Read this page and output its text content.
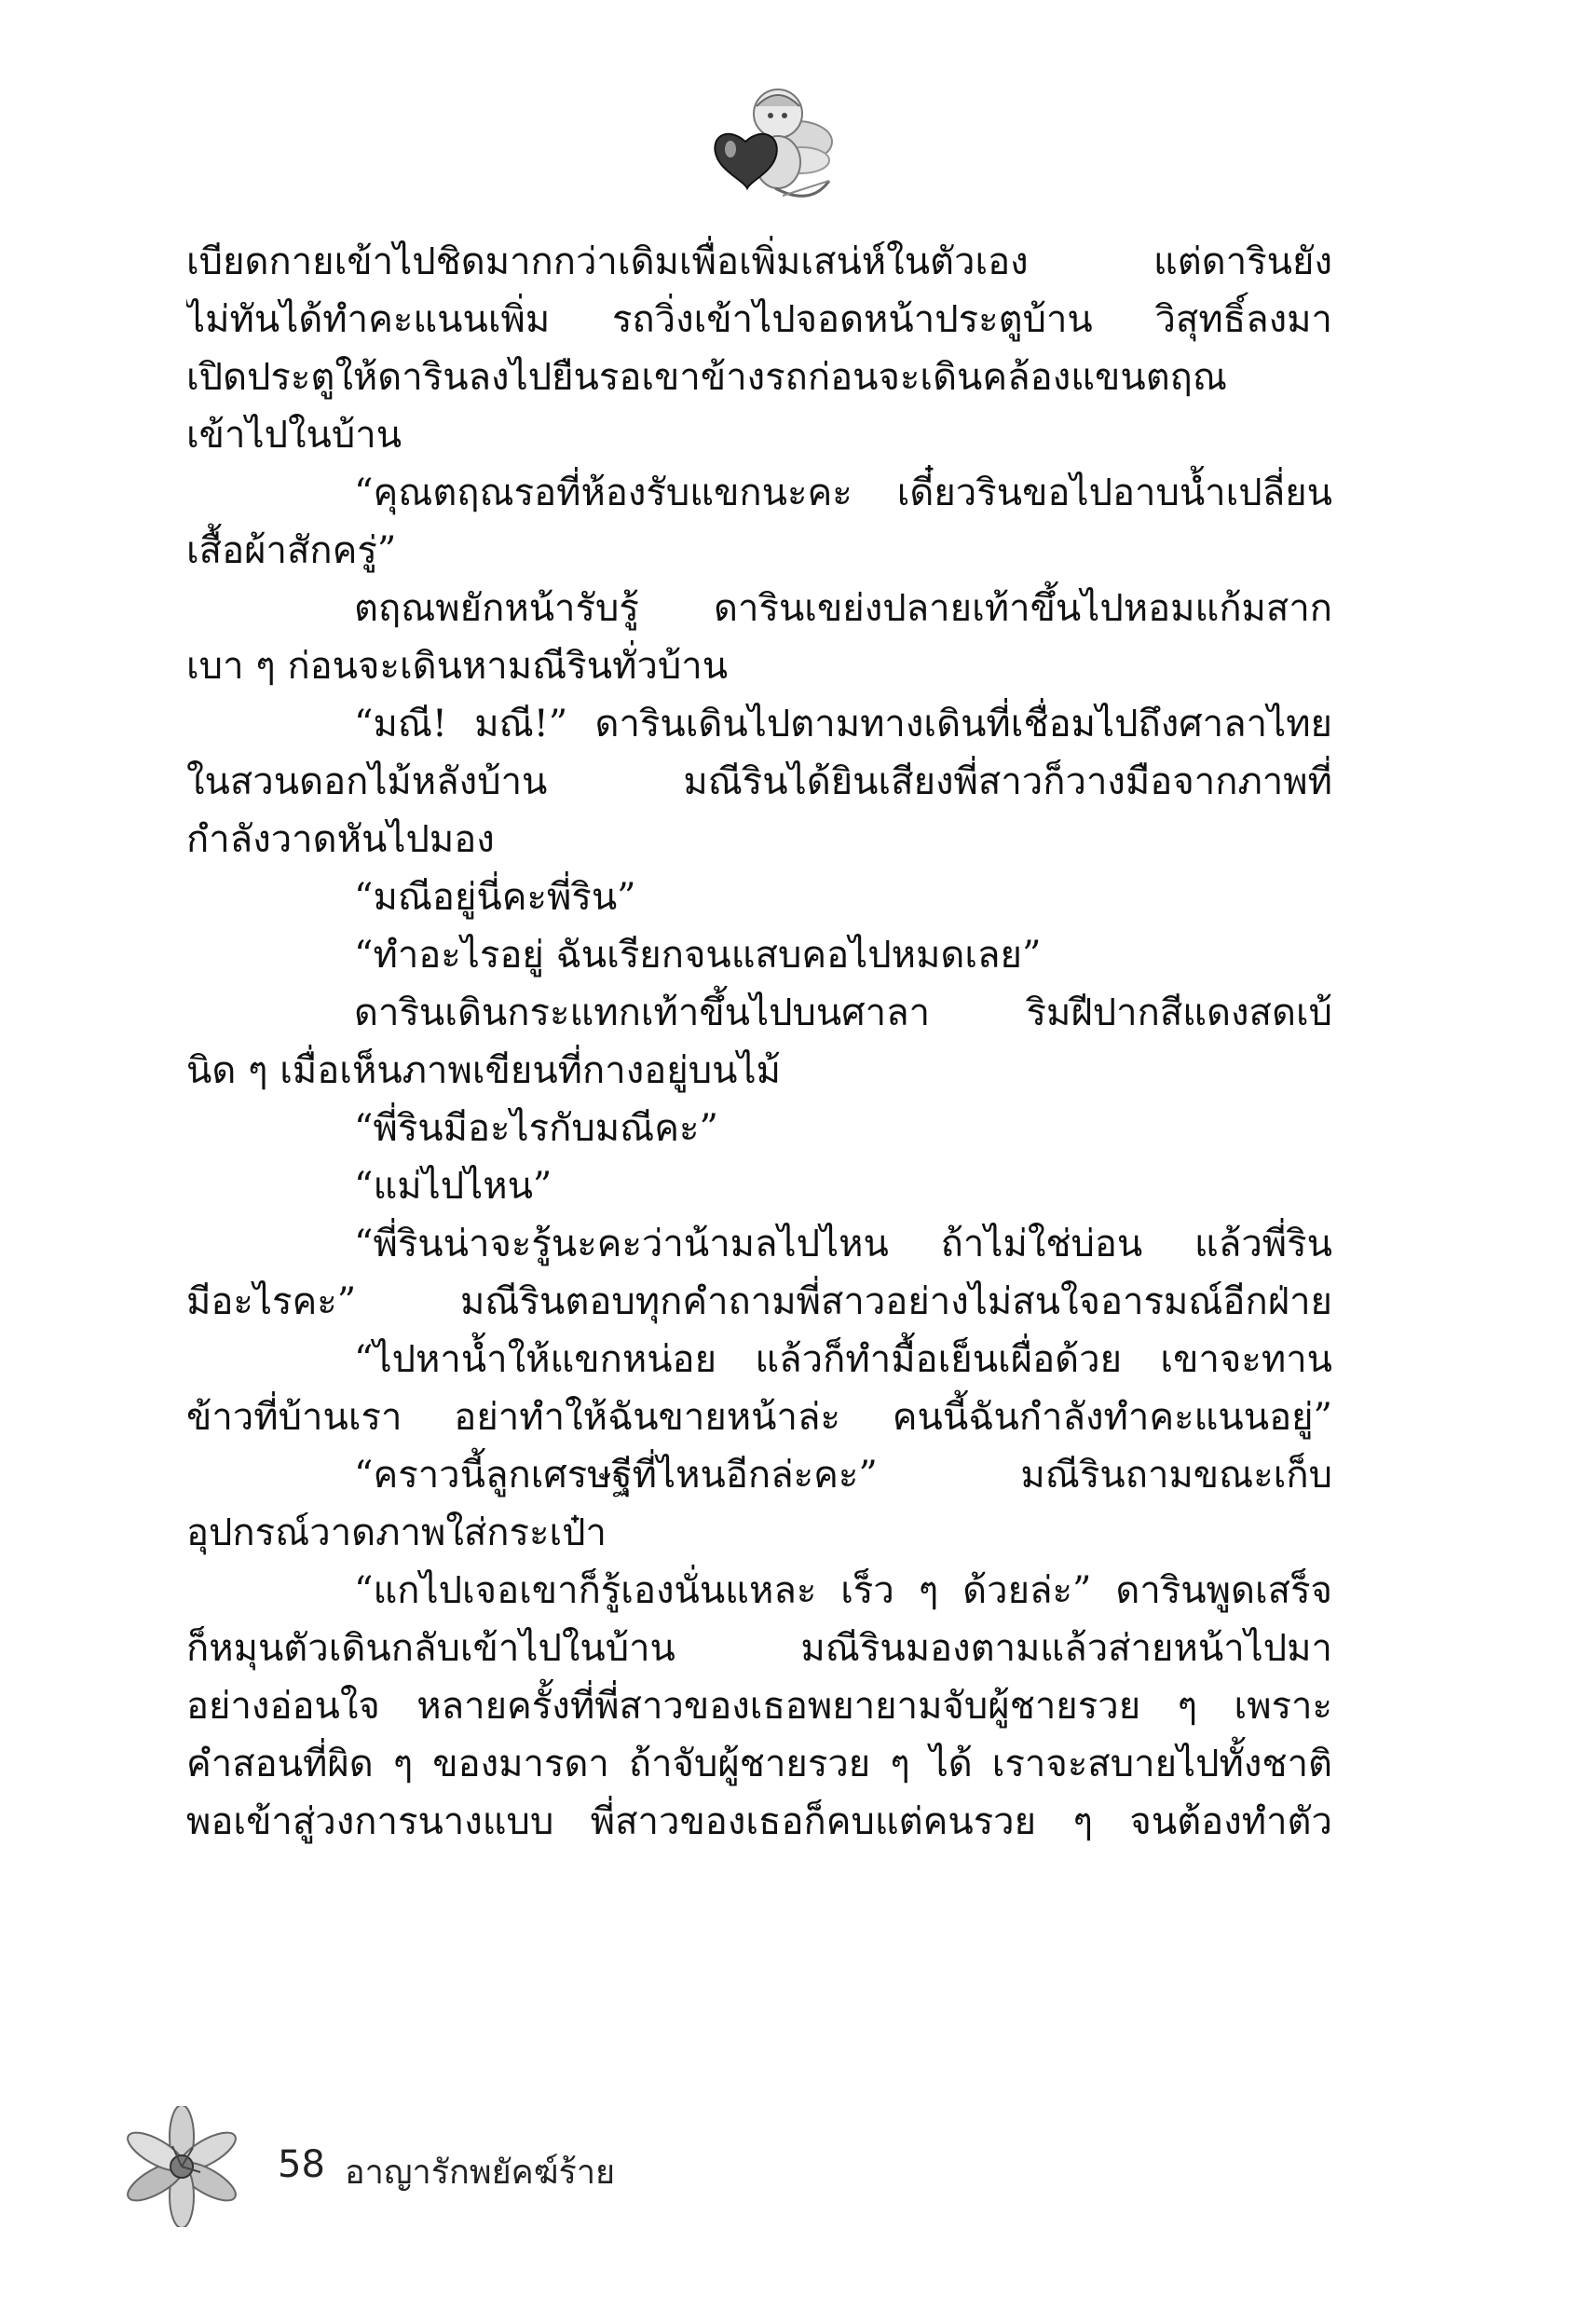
เบียดกายเข้าไปชิดมากกว่าเดิมเพื่อเพิ่มเสน่ห์ในตัวเอง แต่ดารินยัง
ไม่ทันได้ทำคะแนนเพิ่ม รถวิ่งเข้าไปจอดหน้าประตูบ้าน วิสุทธิ์ลงมา
เปิดประตูให้ดารินลงไปยืนรอเขาข้างรถก่อนจะเดินคล้องแขนตฤณ
เข้าไปในบ้าน
“คุณตฤณรอที่ห้องรับแขกนะคะ เดี๋ยวรินขอไปอาบน้ำเปลี่ยน
เสื้อผ้าสักครู่”
ตฤณพยักหน้ารับรู้ ดารินเขย่งปลายเท้าขึ้นไปหอมแก้มสาก
เบา ๆ ก่อนจะเดินหามณีรินทั่วบ้าน
“มณี! มณี!” ดารินเดินไปตามทางเดินที่เชื่อมไปถึงศาลาไทย
ในสวนดอกไม้หลังบ้าน มณีรินได้ยินเสียงพี่สาวก็วางมือจากภาพที่
กำลังวาดหันไปมอง
“มณีอยู่นี่คะพี่ริน”
“ทำอะไรอยู่ ฉันเรียกจนแสบคอไปหมดเลย”
ดารินเดินกระแทกเท้าขึ้นไปบนศาลา ริมฝีปากสีแดงสดเบ้
นิด ๆ เมื่อเห็นภาพเขียนที่กางอยู่บนไม้
“พี่รินมีอะไรกับมณีคะ”
“แม่ไปไหน”
“พี่รินน่าจะรู้นะคะว่าน้ามลไปไหน ถ้าไม่ใช่บ่อน แล้วพี่ริน
มีอะไรคะ” มณีรินตอบทุกคำถามพี่สาวอย่างไม่สนใจอารมณ์อีกฝ่าย
“ไปหาน้ำให้แขกหน่อย แล้วก็ทำมื้อเย็นเผื่อด้วย เขาจะทาน
ข้าวที่บ้านเรา อย่าทำให้ฉันขายหน้าล่ะ คนนี้ฉันกำลังทำคะแนนอยู่”
“คราวนี้ลูกเศรษฐีที่ไหนอีกล่ะคะ” มณีรินถามขณะเก็บ
อุปกรณ์วาดภาพใส่กระเป๋า
“แกไปเจอเขาก็รู้เองนั่นแหละ เร็ว ๆ ด้วยล่ะ” ดารินพูดเสร็จ
ก็หมุนตัวเดินกลับเข้าไปในบ้าน มณีรินมองตามแล้วส่ายหน้าไปมา
อย่างอ่อนใจ หลายครั้งที่พี่สาวของเธอพยายามจับผู้ชายรวย ๆ เพราะ
คำสอนที่ผิด ๆ ของมารดา ถ้าจับผู้ชายรวย ๆ ได้ เราจะสบายไปทั้งชาติ
พอเข้าสู่วงการนางแบบ พี่สาวของเธอก็คบแต่คนรวย ๆ จนต้องทำตัว
58 อาญารักพยัคฆ์ร้าย
